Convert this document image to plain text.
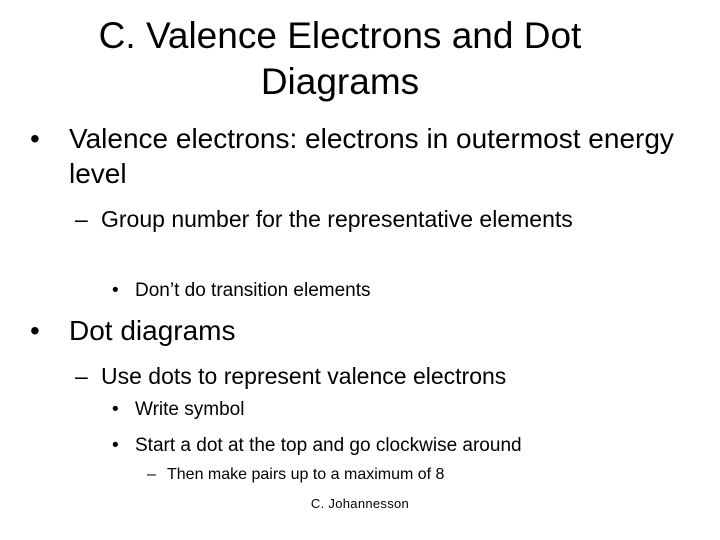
C. Valence Electrons and Dot
Diagrams
•	Valence electrons: electrons in outermost energy level
– Group number for the representative elements
• Don’t do transition elements
•	Dot diagrams
– Use dots to represent valence electrons
• Write symbol
• Start a dot at the top and go clockwise around
– Then make pairs up to a maximum of 8
C. Johannesson
